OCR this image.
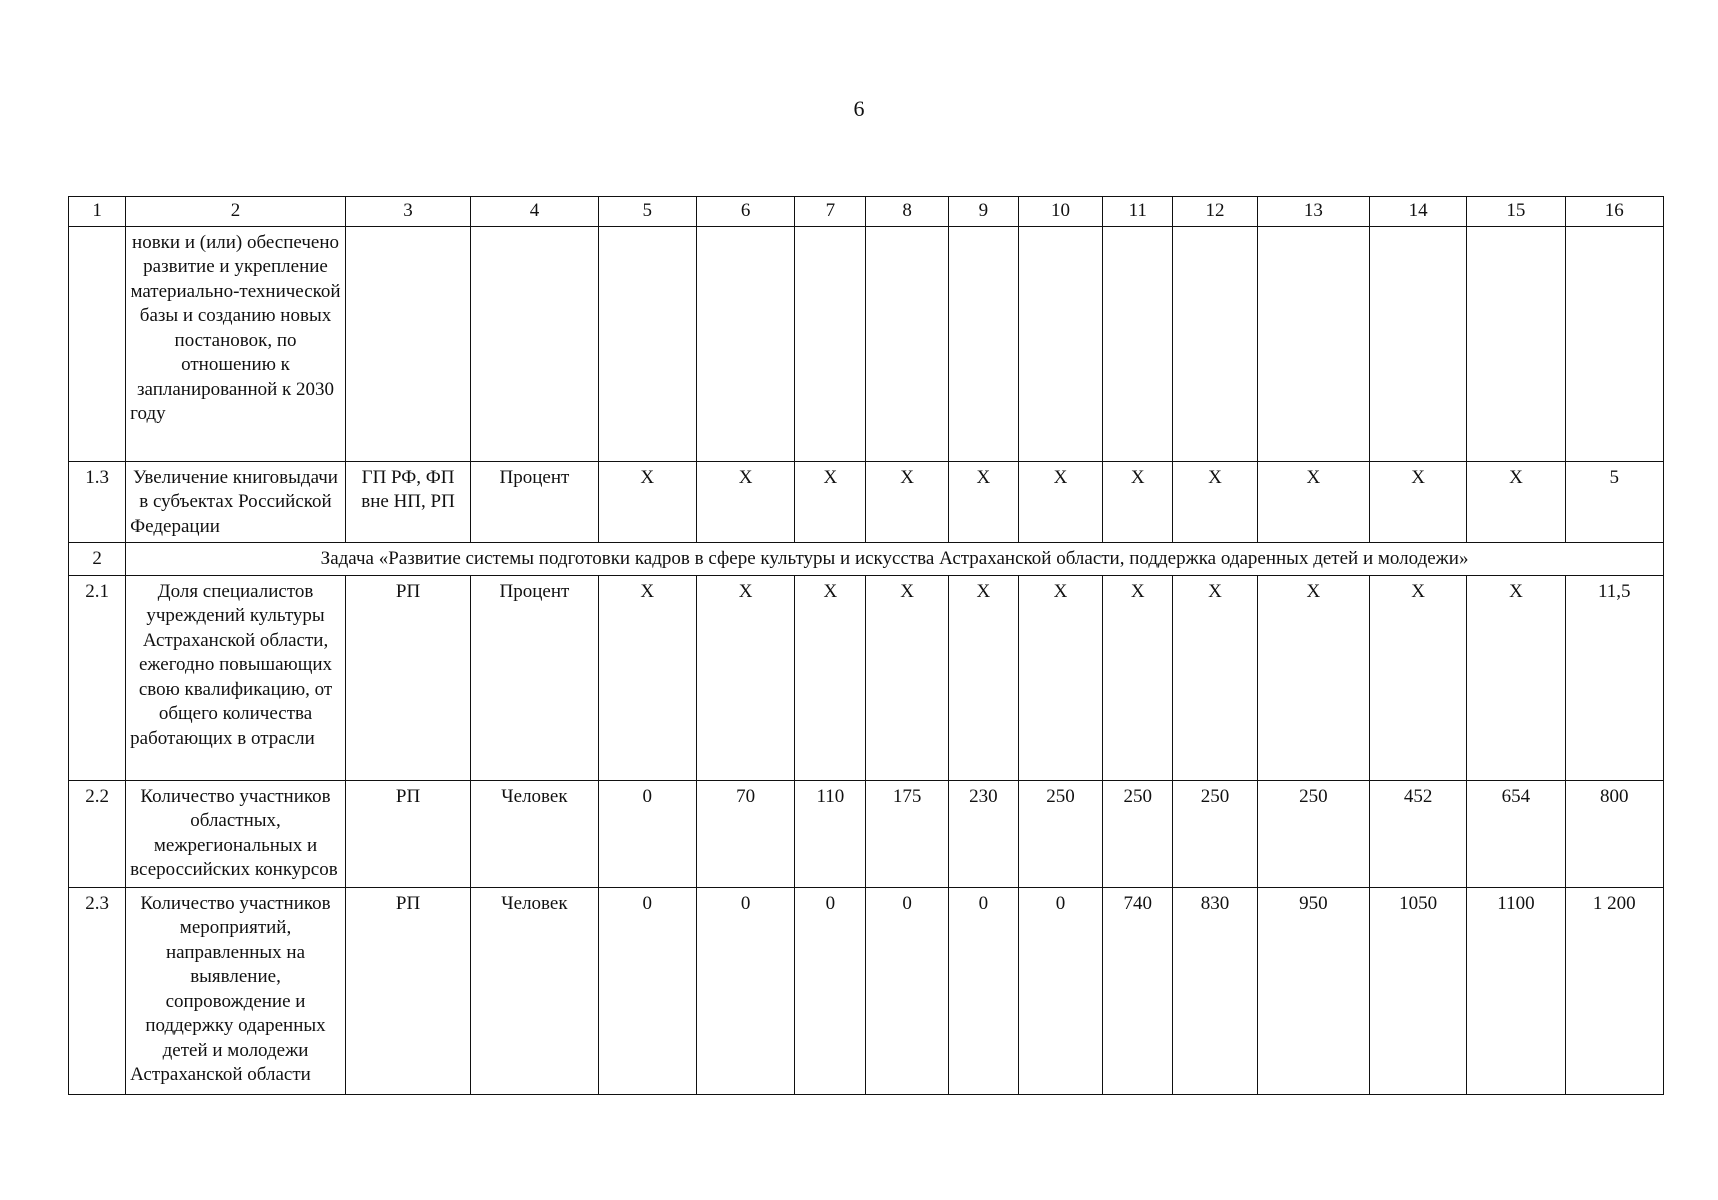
6
1	2	3	4	5	6	7	8	9	10	11	12	13	14	15	16
	новки и (или) обеспечено развитие и укрепление материально-технической базы и созданию новых постановок, по отношению к запланированной к 2030 году														
1.3	Увеличение книговыдачи в субъектах Российской Федерации	ГП РФ, ФП вне НП, РП	Процент	Х	Х	Х	Х	Х	Х	Х	Х	Х	Х	Х	5
2	Задача «Развитие системы подготовки кадров в сфере культуры и искусства Астраханской области, поддержка одаренных детей и молодежи»														
2.1	Доля специалистов учреждений культуры Астраханской области, ежегодно повышающих свою квалификацию, от общего количества работающих в отрасли	РП	Процент	Х	Х	Х	Х	Х	Х	Х	Х	Х	Х	Х	11,5
2.2	Количество участников областных, межрегиональных и всероссийских конкурсов	РП	Человек	0	70	110	175	230	250	250	250	250	452	654	800
2.3	Количество участников мероприятий, направленных на выявление, сопровождение и поддержку одаренных детей и молодежи Астраханской области	РП	Человек	0	0	0	0	0	0	740	830	950	1050	1100	1 200
